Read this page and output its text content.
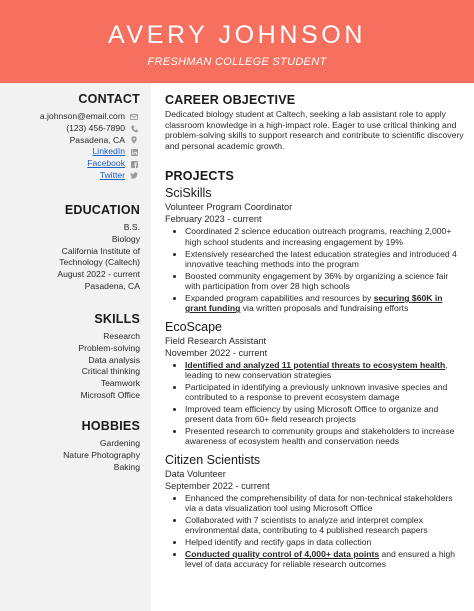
AVERY JOHNSON
FRESHMAN COLLEGE STUDENT
CONTACT
a.johnson@email.com
(123) 456-7890
Pasadena, CA
LinkedIn
Facebook
Twitter
EDUCATION
B.S.
Biology
California Institute of
Technology (Caltech)
August 2022 - current
Pasadena, CA
SKILLS
Research
Problem-solving
Data analysis
Critical thinking
Teamwork
Microsoft Office
HOBBIES
Gardening
Nature Photography
Baking
CAREER OBJECTIVE
Dedicated biology student at Caltech, seeking a lab assistant role to apply classroom knowledge in a high-impact role. Eager to use critical thinking and problem-solving skills to support research and contribute to scientific discovery and personal academic growth.
PROJECTS
SciSkills
Volunteer Program Coordinator
February 2023 - current
• Coordinated 2 science education outreach programs, reaching 2,000+ high school students and increasing engagement by 19%
• Extensively researched the latest education strategies and introduced 4 innovative teaching methods into the program
• Boosted community engagement by 36% by organizing a science fair with participation from over 28 high schools
• Expanded program capabilities and resources by securing $60K in grant funding via written proposals and fundraising efforts
EcoScape
Field Research Assistant
November 2022 - current
• Identified and analyzed 11 potential threats to ecosystem health, leading to new conservation strategies
• Participated in identifying a previously unknown invasive species and contributed to a response to prevent ecosystem damage
• Improved team efficiency by using Microsoft Office to organize and present data from 60+ field research projects
• Presented research to community groups and stakeholders to increase awareness of ecosystem health and conservation needs
Citizen Scientists
Data Volunteer
September 2022 - current
• Enhanced the comprehensibility of data for non-technical stakeholders via a data visualization tool using Microsoft Office
• Collaborated with 7 scientists to analyze and interpret complex environmental data, contributing to 4 published research papers
• Helped identify and rectify gaps in data collection
• Conducted quality control of 4,000+ data points and ensured a high level of data accuracy for reliable research outcomes
